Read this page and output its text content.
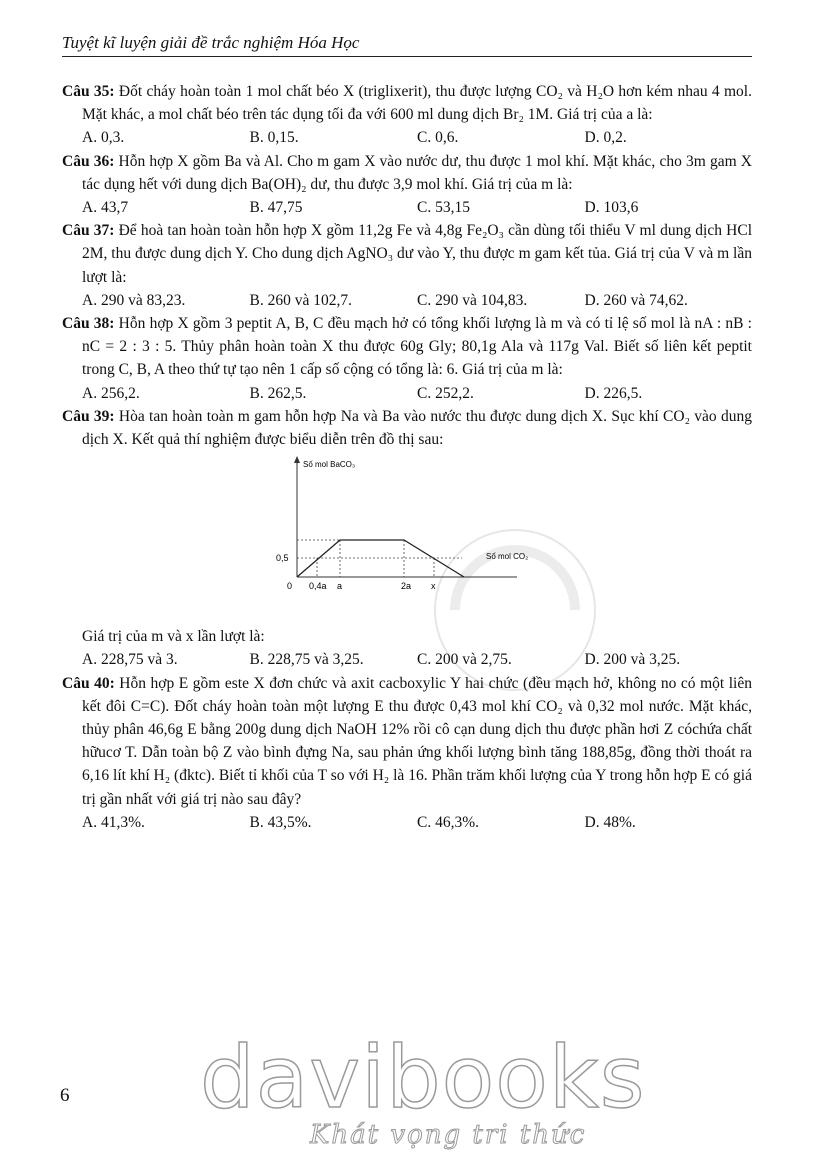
Tuyệt kĩ luyện giải đề trắc nghiệm Hóa Học
Câu 35: Đốt cháy hoàn toàn 1 mol chất béo X (triglixerit), thu được lượng CO₂ và H₂O hơn kém nhau 4 mol. Mặt khác, a mol chất béo trên tác dụng tối đa với 600 ml dung dịch Br₂ 1M. Giá trị của a là:
A. 0,3.	B. 0,15.	C. 0,6.	D. 0,2.
Câu 36: Hỗn hợp X gồm Ba và Al. Cho m gam X vào nước dư, thu được 1 mol khí. Mặt khác, cho 3m gam X tác dụng hết với dung dịch Ba(OH)₂ dư, thu được 3,9 mol khí. Giá trị của m là:
A. 43,7	B. 47,75	C. 53,15	D. 103,6
Câu 37: Để hoà tan hoàn toàn hỗn hợp X gồm 11,2g Fe và 4,8g Fe₂O₃ cần dùng tối thiểu V ml dung dịch HCl 2M, thu được dung dịch Y. Cho dung dịch AgNO₃ dư vào Y, thu được m gam kết tủa. Giá trị của V và m lần lượt là:
A. 290 và 83,23.	B. 260 và 102,7.	C. 290 và 104,83.	D. 260 và 74,62.
Câu 38: Hỗn hợp X gồm 3 peptit A, B, C đều mạch hở có tổng khối lượng là m và có tỉ lệ số mol là nA : nB : nC = 2 : 3 : 5. Thủy phân hoàn toàn X thu được 60g Gly; 80,1g Ala và 117g Val. Biết số liên kết peptit trong C, B, A theo thứ tự tạo nên 1 cấp số cộng có tổng là: 6. Giá trị của m là:
A. 256,2.	B. 262,5.	C. 252,2.	D. 226,5.
Câu 39: Hòa tan hoàn toàn m gam hỗn hợp Na và Ba vào nước thu được dung dịch X. Sục khí CO₂ vào dung dịch X. Kết quả thí nghiệm được biểu diễn trên đồ thị sau:
Số mol BaCO₃
Số mol CO₂
0 0,4a a	2a x
0,5
Giá trị của m và x lần lượt là:
A. 228,75 và 3.	B. 228,75 và 3,25.	C. 200 và 2,75.	D. 200 và 3,25.
Câu 40: Hỗn hợp E gồm este X đơn chức và axit cacboxylic Y hai chức (đều mạch hở, không no có một liên kết đôi C=C). Đốt cháy hoàn toàn một lượng E thu được 0,43 mol khí CO₂ và 0,32 mol nước. Mặt khác, thủy phân 46,6g E bằng 200g dung dịch NaOH 12% rồi cô cạn dung dịch thu được phần hơi Z cóchứa chất hữucơ T. Dẫn toàn bộ Z vào bình đựng Na, sau phản ứng khối lượng bình tăng 188,85g, đồng thời thoát ra 6,16 lít khí H₂ (đktc). Biết tỉ khối của T so với H₂ là 16. Phần trăm khối lượng của Y trong hỗn hợp E có giá trị gần nhất với giá trị nào sau đây?
A. 41,3%.	B. 43,5%.	C. 46,3%.	D. 48%.
6 davibooks
Khát vọng tri thức
